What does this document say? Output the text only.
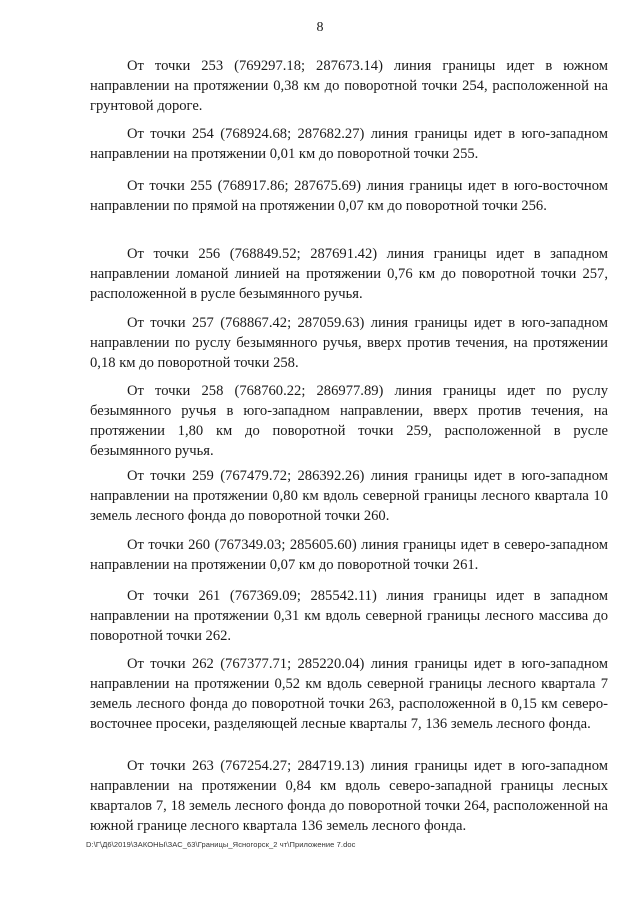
8

От точки 253 (769297.18; 287673.14) линия границы идет в южном направлении на протяжении 0,38 км до поворотной точки 254, расположенной на грунтовой дороге.

От точки 254 (768924.68; 287682.27) линия границы идет в юго-западном направлении на протяжении 0,01 км до поворотной точки 255.

От точки 255 (768917.86; 287675.69) линия границы идет в юго-восточном направлении по прямой на протяжении 0,07 км до поворотной точки 256.

От точки 256 (768849.52; 287691.42) линия границы идет в западном направлении ломаной линией на протяжении 0,76 км до поворотной точки 257, расположенной в русле безымянного ручья.

От точки 257 (768867.42; 287059.63) линия границы идет в юго-западном направлении по руслу безымянного ручья, вверх против течения, на протяжении 0,18 км до поворотной точки 258.

От точки 258 (768760.22; 286977.89) линия границы идет по руслу безымянного ручья в юго-западном направлении, вверх против течения, на протяжении 1,80 км до поворотной точки 259, расположенной в русле безымянного ручья.

От точки 259 (767479.72; 286392.26) линия границы идет в юго-западном направлении на протяжении 0,80 км вдоль северной границы лесного квартала 10 земель лесного фонда до поворотной точки 260.

От точки 260 (767349.03; 285605.60) линия границы идет в северо-западном направлении на протяжении 0,07 км до поворотной точки 261.

От точки 261 (767369.09; 285542.11) линия границы идет в западном направлении на протяжении 0,31 км вдоль северной границы лесного массива до поворотной точки 262.

От точки 262 (767377.71; 285220.04) линия границы идет в юго-западном направлении на протяжении 0,52 км вдоль северной границы лесного квартала 7 земель лесного фонда до поворотной точки 263, расположенной в 0,15 км северо-восточнее просеки, разделяющей лесные кварталы 7, 136 земель лесного фонда.

От точки 263 (767254.27; 284719.13) линия границы идет в юго-западном направлении на протяжении 0,84 км вдоль северо-западной границы лесных кварталов 7, 18 земель лесного фонда до поворотной точки 264, расположенной на южной границе лесного квартала 136 земель лесного фонда.

D:\Г\Д6\2019\ЗАКОНЫ\ЗАС_63\Границы_Ясногорск_2 чт\Приложение 7.doc
